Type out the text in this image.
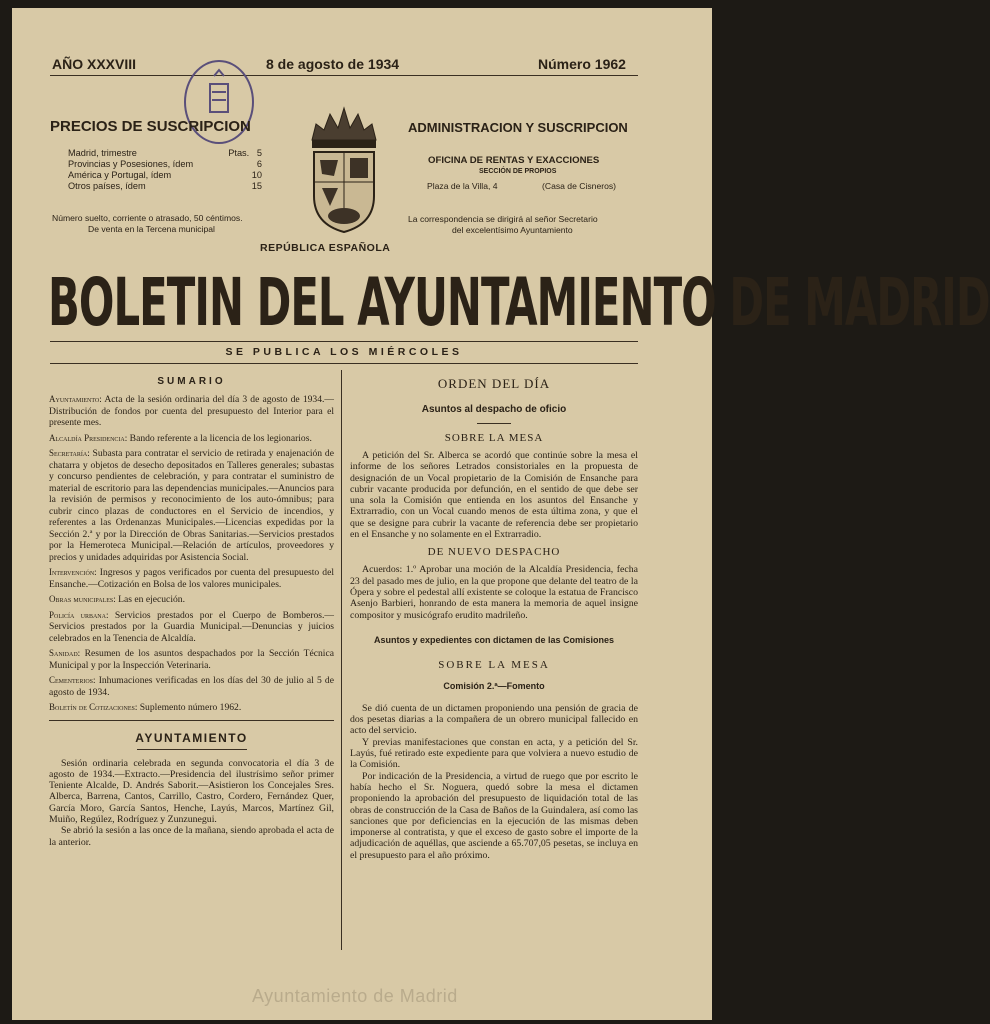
AÑO XXXVIII	8 de agosto de 1934	Número 1962
PRECIOS DE SUSCRIPCION
Madrid, trimestre	Ptas. 5
Provincias y Posesiones, ídem	6
América y Portugal, ídem	10
Otros países, ídem	15
Número suelto, corriente o atrasado, 50 céntimos.
De venta en la Tercena municipal
ADMINISTRACION Y SUSCRIPCION
OFICINA DE RENTAS Y EXACCIONES
SECCIÓN DE PROPIOS
Plaza de la Villa, 4	(Casa de Cisneros)
La correspondencia se dirigirá al señor Secretario
del excelentísimo Ayuntamiento
REPÚBLICA ESPAÑOLA
BOLETIN DEL AYUNTAMIENTO DE MADRID
SE PUBLICA LOS MIÉRCOLES
SUMARIO

Ayuntamiento: Acta de la sesión ordinaria del día 3 de agosto de 1934.—Distribución de fondos por cuenta del presupuesto del Interior para el presente mes.

Alcaldía Presidencia: Bando referente a la licencia de los legionarios.

Secretaría: Subasta para contratar el servicio de retirada y enajenación de chatarra y objetos de desecho depositados en Talleres generales; subastas y concurso pendientes de celebración, y para contratar el suministro de material de escritorio para las dependencias municipales.—Anuncios para la revisión de permisos y reconocimiento de los auto-ómnibus; para cubrir cinco plazas de conductores en el Servicio de incendios, y referentes a las Ordenanzas Municipales.—Licencias expedidas por la Sección 2.ª y por la Dirección de Obras Sanitarias.—Servicios prestados por la Hemeroteca Municipal.—Relación de artículos, proveedores y precios y unidades adquiridas por Asistencia Social.

Intervención: Ingresos y pagos verificados por cuenta del presupuesto del Ensanche.—Cotización en Bolsa de los valores municipales.

Obras municipales: Las en ejecución.

Policía urbana: Servicios prestados por el Cuerpo de Bomberos.—Servicios prestados por la Guardia Municipal.—Denuncias y juicios celebrados en la Tenencia de Alcaldía.

Sanidad: Resumen de los asuntos despachados por la Sección Técnica Municipal y por la Inspección Veterinaria.

Cementerios: Inhumaciones verificadas en los días del 30 de julio al 5 de agosto de 1934.

Boletín de Cotizaciones: Suplemento número 1962.

AYUNTAMIENTO

Sesión ordinaria celebrada en segunda convocatoria el día 3 de agosto de 1934.—Extracto.—Presidencia del ilustrísimo señor primer Teniente Alcalde, D. Andrés Saborit.—Asistieron los Concejales Sres. Alberca, Barrena, Cantos, Carrillo, Castro, Cordero, Fernández Quer, García Moro, García Santos, Henche, Layús, Marcos, Martínez Gil, Muiño, Regúlez, Rodríguez y Zunzunegui.

Se abrió la sesión a las once de la mañana, siendo aprobada el acta de la anterior.

ORDEN DEL DÍA
Asuntos al despacho de oficio
SOBRE LA MESA

A petición del Sr. Alberca se acordó que continúe sobre la mesa el informe de los señores Letrados consistoriales en la propuesta de designación de un Vocal propietario de la Comisión de Ensanche para cubrir vacante producida por defunción, en el sentido de que debe ser una sola la Comisión que entienda en los asuntos del Ensanche y Extrarradio, con un Vocal cuando menos de esta última zona, y que el que se designe para cubrir la vacante de referencia debe ser propietario en el Ensanche y no solamente en el Extrarradio.

DE NUEVO DESPACHO

Acuerdos: 1.º Aprobar una moción de la Alcaldía Presidencia, fecha 23 del pasado mes de julio, en la que propone que delante del teatro de la Ópera y sobre el pedestal allí existente se coloque la estatua de Francisco Asenjo Barbieri, honrando de esta manera la memoria de aquel insigne compositor y musicógrafo erudito madrileño.

Asuntos y expedientes con dictamen de las Comisiones
SOBRE LA MESA
Comisión 2.ª—Fomento

Se dió cuenta de un dictamen proponiendo una pensión de gracia de dos pesetas diarias a la compañera de un obrero municipal fallecido en acto del servicio.

Y previas manifestaciones que constan en acta, y a petición del Sr. Layús, fué retirado este expediente para que volviera a nuevo estudio de la Comisión.

Por indicación de la Presidencia, a virtud de ruego que por escrito le había hecho el Sr. Noguera, quedó sobre la mesa el dictamen proponiendo la aprobación del presupuesto de liquidación total de las obras de construcción de la Casa de Baños de la Guindalera, así como las sanciones que por deficiencias en la ejecución de las mismas deben imponerse al contratista, y que el exceso de gasto sobre el importe de la adjudicación de aquéllas, que asciende a 65.707,05 pesetas, se incluya en el presupuesto para el año próximo.

Ayuntamiento de Madrid
